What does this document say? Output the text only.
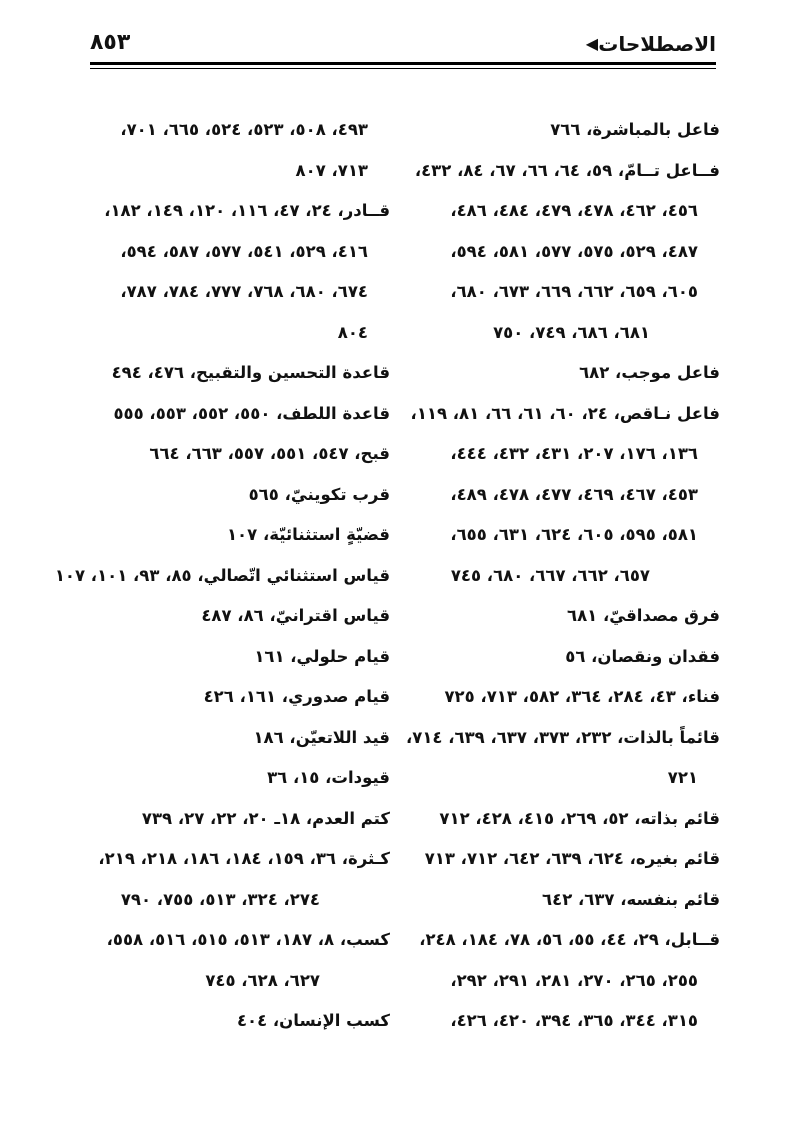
الاصطلاحات
◀
٨٥٣
فاعل بالمباشرة، ٧٦٦
فــاعل تــامّ، ٥٩، ٦٤، ٦٦، ٦٧، ٨٤، ٤٣٢،
٤٥٦، ٤٦٢، ٤٧٨، ٤٧٩، ٤٨٤، ٤٨٦،
٤٨٧، ٥٢٩، ٥٧٥، ٥٧٧، ٥٨١، ٥٩٤،
٦٠٥، ٦٥٩، ٦٦٢، ٦٦٩، ٦٧٣، ٦٨٠،
٦٨١، ٦٨٦، ٧٤٩، ٧٥٠
فاعل موجب، ٦٨٢
فاعل نـاقص، ٢٤، ٦٠، ٦١، ٦٦، ٨١، ١١٩،
١٣٦، ١٧٦، ٢٠٧، ٤٣١، ٤٣٢، ٤٤٤،
٤٥٣، ٤٦٧، ٤٦٩، ٤٧٧، ٤٧٨، ٤٨٩،
٥٨١، ٥٩٥، ٦٠٥، ٦٢٤، ٦٣١، ٦٥٥،
٦٥٧، ٦٦٢، ٦٦٧، ٦٨٠، ٧٤٥
فرق مصداقيّ، ٦٨١
فقدان ونقصان، ٥٦
فناء، ٤٣، ٢٨٤، ٣٦٤، ٥٨٢، ٧١٣، ٧٢٥
قائماً بالذات، ٢٣٢، ٣٧٣، ٦٣٧، ٦٣٩، ٧١٤،
٧٢١
قائم بذاته، ٥٢، ٢٦٩، ٤١٥، ٤٢٨، ٧١٢
قائم بغيره، ٦٢٤، ٦٣٩، ٦٤٢، ٧١٢، ٧١٣
قائم بنفسه، ٦٣٧، ٦٤٢
قــابل، ٢٩، ٤٤، ٥٥، ٥٦، ٧٨، ١٨٤، ٢٤٨،
٢٥٥، ٢٦٥، ٢٧٠، ٢٨١، ٢٩١، ٢٩٢،
٣١٥، ٣٤٤، ٣٦٥، ٣٩٤، ٤٢٠، ٤٢٦،
٤٩٣، ٥٠٨، ٥٢٣، ٥٢٤، ٦٦٥، ٧٠١،
٧١٣، ٨٠٧
قــادر، ٢٤، ٤٧، ١١٦، ١٢٠، ١٤٩، ١٨٢،
٤١٦، ٥٢٩، ٥٤١، ٥٧٧، ٥٨٧، ٥٩٤،
٦٧٤، ٦٨٠، ٧٦٨، ٧٧٧، ٧٨٤، ٧٨٧،
٨٠٤
قاعدة التحسين والتقبيح، ٤٧٦، ٤٩٤
قاعدة اللطف، ٥٥٠، ٥٥٢، ٥٥٣، ٥٥٥
قبح، ٥٤٧، ٥٥١، ٥٥٧، ٦٦٣، ٦٦٤
قرب تكوينيّ، ٥٦٥
قضيّةٍ استثنائيّة، ١٠٧
قياس استثنائي اتّصالي، ٨٥، ٩٣، ١٠١، ١٠٧
قياس اقترانيّ، ٨٦، ٤٨٧
قيام حلولي، ١٦١
قيام صدوري، ١٦١، ٤٢٦
قيد اللاتعيّن، ١٨٦
قيودات، ١٥، ٣٦
كتم العدم، ١٨ـ ٢٠، ٢٢، ٢٧، ٧٣٩
كـثرة، ٣٦، ١٥٩، ١٨٤، ١٨٦، ٢١٨، ٢١٩،
٢٧٤، ٣٢٤، ٥١٣، ٧٥٥، ٧٩٠
كسب، ٨، ١٨٧، ٥١٣، ٥١٥، ٥١٦، ٥٥٨،
٦٢٧، ٦٢٨، ٧٤٥
كسب الإنسان، ٤٠٤
